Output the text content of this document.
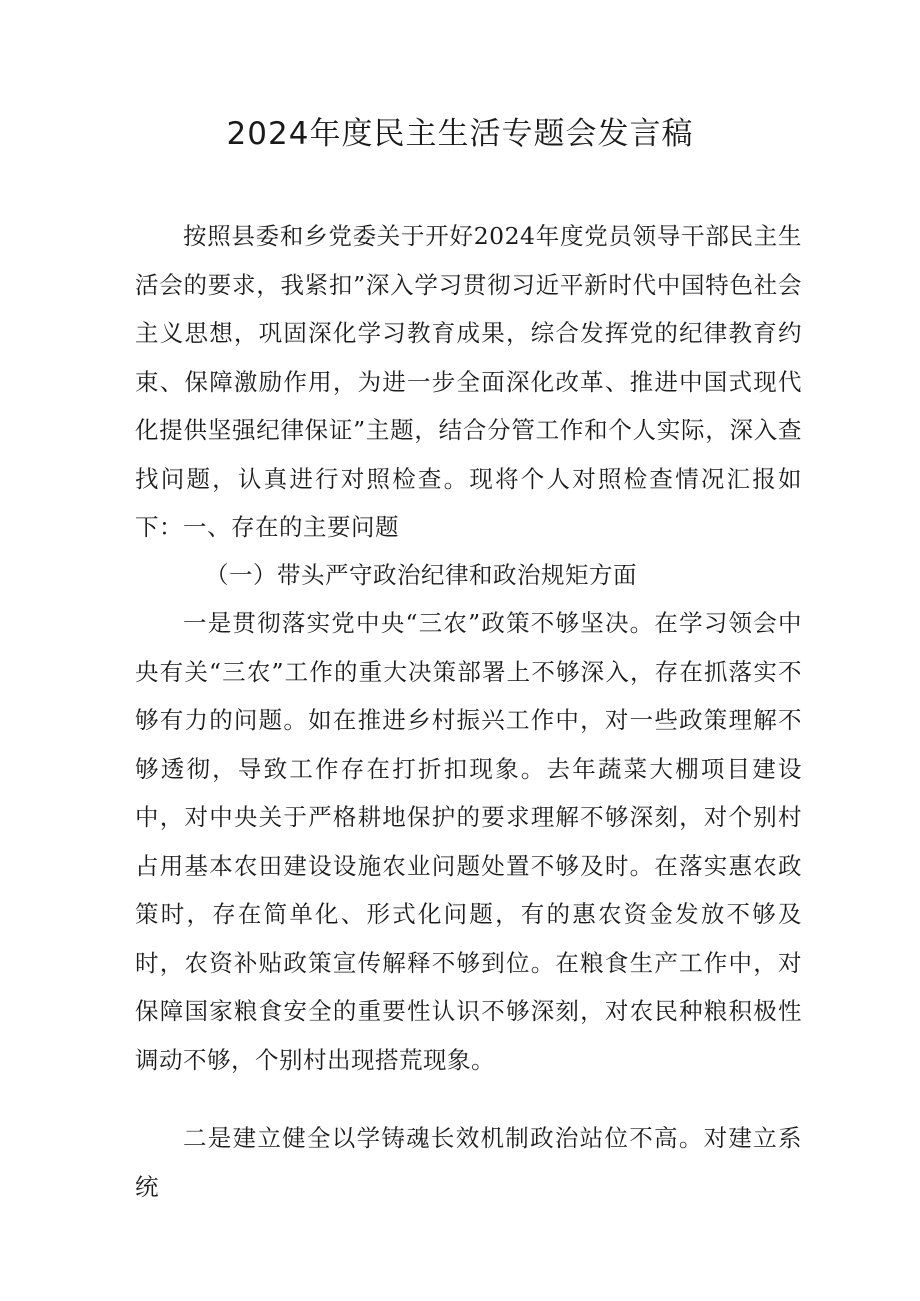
2024年度民主生活专题会发言稿

按照县委和乡党委关于开好2024年度党员领导干部民主生活会的要求，我紧扣”深入学习贯彻习近平新时代中国特色社会主义思想，巩固深化学习教育成果，综合发挥党的纪律教育约束、保障激励作用，为进一步全面深化改革、推进中国式现代化提供坚强纪律保证”主题，结合分管工作和个人实际，深入查找问题，认真进行对照检查。现将个人对照检查情况汇报如下： 一、存在的主要问题

（一）带头严守政治纪律和政治规矩方面

一是贯彻落实党中央“三农”政策不够坚决。在学习领会中央有关“三农”工作的重大决策部署上不够深入，存在抓落实不够有力的问题。如在推进乡村振兴工作中，对一些政策理解不够透彻，导致工作存在打折扣现象。去年蔬菜大棚项目建设中，对中央关于严格耕地保护的要求理解不够深刻，对个别村占用基本农田建设设施农业问题处置不够及时。在落实惠农政策时，存在简单化、形式化问题，有的惠农资金发放不够及时，农资补贴政策宣传解释不够到位。在粮食生产工作中，对保障国家粮食安全的重要性认识不够深刻，对农民种粮积极性调动不够，个别村出现搭荒现象。

二是建立健全以学铸魂长效机制政治站位不高。对建立系统
